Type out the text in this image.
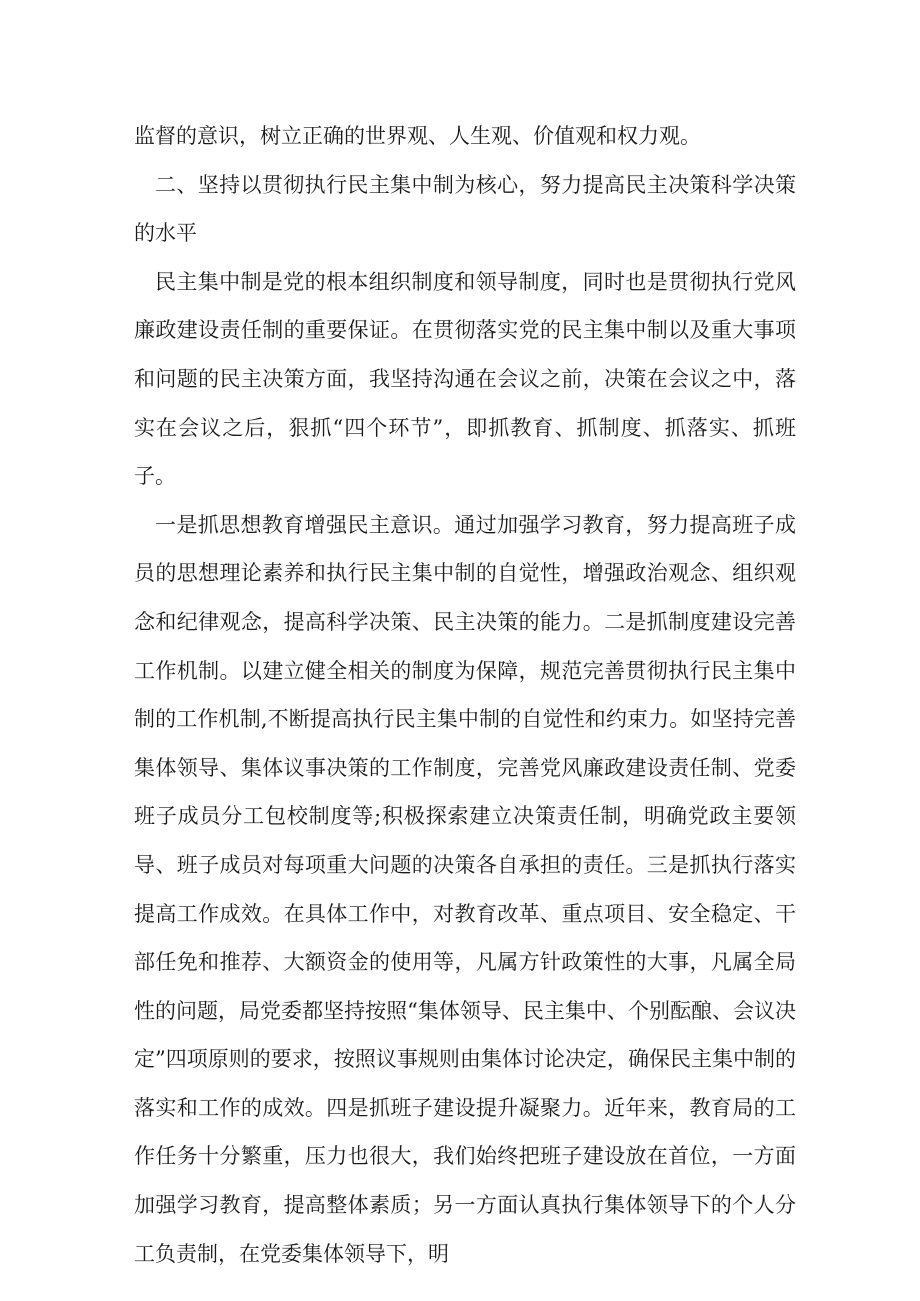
监督的意识，树立正确的世界观、人生观、价值观和权力观。

二、坚持以贯彻执行民主集中制为核心，努力提高民主决策科学决策的水平

民主集中制是党的根本组织制度和领导制度，同时也是贯彻执行党风廉政建设责任制的重要保证。在贯彻落实党的民主集中制以及重大事项和问题的民主决策方面，我坚持沟通在会议之前，决策在会议之中，落实在会议之后，狠抓“四个环节”，即抓教育、抓制度、抓落实、抓班子。

一是抓思想教育增强民主意识。通过加强学习教育，努力提高班子成员的思想理论素养和执行民主集中制的自觉性，增强政治观念、组织观念和纪律观念，提高科学决策、民主决策的能力。二是抓制度建设完善工作机制。以建立健全相关的制度为保障，规范完善贯彻执行民主集中制的工作机制,不断提高执行民主集中制的自觉性和约束力。如坚持完善集体领导、集体议事决策的工作制度，完善党风廉政建设责任制、党委班子成员分工包校制度等;积极探索建立决策责任制，明确党政主要领导、班子成员对每项重大问题的决策各自承担的责任。三是抓执行落实提高工作成效。在具体工作中，对教育改革、重点项目、安全稳定、干部任免和推荐、大额资金的使用等，凡属方针政策性的大事，凡属全局性的问题，局党委都坚持按照“集体领导、民主集中、个别酝酿、会议决定”四项原则的要求，按照议事规则由集体讨论决定，确保民主集中制的落实和工作的成效。四是抓班子建设提升凝聚力。近年来，教育局的工作任务十分繁重，压力也很大，我们始终把班子建设放在首位，一方面加强学习教育，提高整体素质；另一方面认真执行集体领导下的个人分工负责制，在党委集体领导下，明
